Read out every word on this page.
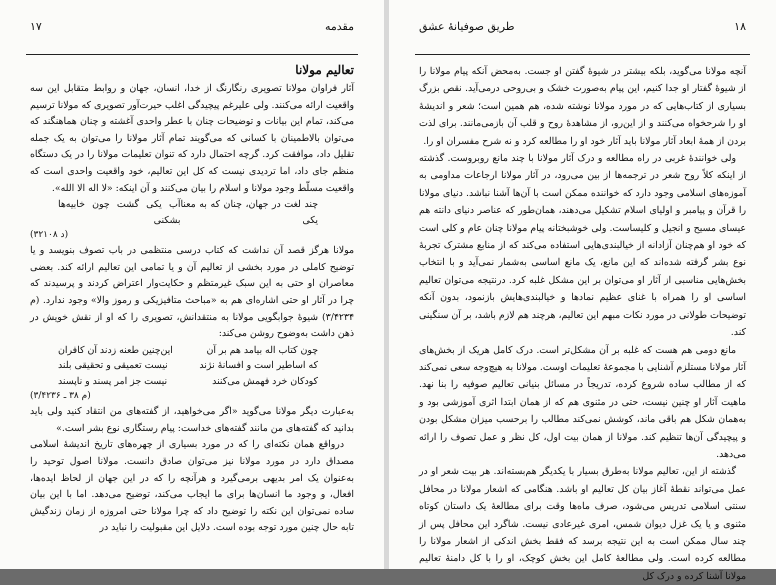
۱۷	مقدمه
تعالیم مولانا

آثار فراوان مولانا تصویری رنگارنگ از خدا، انسان، جهان و روابط متقابل این سه واقعیت ارائه می‌کنند. ولی علیرغم پیچیدگی اغلب حیرت‌آور تصویری که مولانا ترسیم می‌کند، تمام این بیانات و توضیحات چنان با عطر واحدی آغشته و چنان هماهنگند که می‌توان بالاطمینان با کسانی که می‌گویند تمام آثار مولانا را می‌توان به یک جمله تقلیل داد، موافقت کرد. گرچه احتمال دارد که تنوان تعلیمات مولانا را در یک دستگاه منظم جای داد، اما تردیدی نیست که کل این تعالیم، خود واقعیت واحدی است که واقعیت مسلّط وجود مولانا و اسلام را بیان می‌کنند و آن اینکه: «لا اله الا الله».

چند لغت در جهان، چنان که به معنا یکی
آب یکی گشت چون خابیه‌ها بشکنی
(د ۳۲۱۰۸)

مولانا هرگز قصد آن نداشت که کتاب درسی منتظمی در باب تصوف بنویسد و یا توضیح کاملی در مورد بخشی از تعالیم آن و یا تمامی این تعالیم ارائه کند. بعضی معاصران او حتی به این سبک غیرمتظم و حکایت‌وار اعتراض کردند و پرسیدند که چرا در آثار او حتی اشاره‌ای هم به «مباحث متافیزیکی و رموز والا» وجود ندارد. (م ۳/۴۲۳۴) شیوهٔ جوابگویی مولانا به منتقدانش، تصویری را که او از نقش خویش در ذهن داشت به‌وضوح روشن می‌کند:

چون کتاب اله بیامد هم بر آن
این‌چنین طعنه زدند آن کافران
که اساطیر است و افسانهٔ نژند
نیست تعمیقی و تحقیقی بلند
کودکان خرد فهمش می‌کنند
نیست جز امر پسند و ناپسند
(م ۳۸ ـ ۳/۴۲۳۶)

به‌عبارت دیگر مولانا می‌گوید «اگر می‌خواهید، از گفته‌های من انتقاد کنید ولی باید بدانید که گفته‌های من مانند گفته‌های خداست: پیام رستگاری نوع بشر است.»

درواقع همان نکته‌ای را که در مورد بسیاری از چهره‌های تاریخ اندیشهٔ اسلامی مصداق دارد در مورد مولانا نیز می‌توان صادق دانست. مولانا اصول توحید را به‌عنوان یک امر بدیهی برمی‌گیرد و هرآنچه را که در این جهان از لحاظ ایده‌ها، افعال، و وجود ما انسان‌ها برای ما ایجاب می‌کند، توضیح می‌دهد. اما با این بیان ساده نمی‌توان این نکته را توضیح داد که چرا مولانا حتی امروزه از زمان زندگیش تابه حال چنین مورد توجه بوده است. دلایل این مقبولیت را نباید در

۱۸
طریق صوفیانهٔ عشق

آنچه مولانا می‌گوید، بلکه بیشتر در شیوهٔ گفتن او جست. به‌محض آنکه پیام مولانا را از شیوهٔ گفتار او جدا کنیم، این پیام به‌صورت خشک و بی‌روحی درمی‌آید. نقص بزرگ بسیاری از کتاب‌هایی که در مورد مولانا نوشته شده، هم همین است؛ شعر و اندیشهٔ او را شرحخواه می‌کنند و از این‌رو، از مشاهدهٔ روح و قلب آن بازمی‌مانند. برای لذت بردن از همهٔ ابعاد آثار مولانا باید آثار خود او را مطالعه کرد و نه شرح مفسران او را.

ولی خوانندهٔ غربی در راه مطالعه و درک آثار مولانا با چند مانع روبروست. گذشته از اینکه کلاً روح شعر در ترجمه‌ها از بین می‌رود، در آثار مولانا ارجاعات مداومی به آموزه‌های اسلامی وجود دارد که خواننده ممکن است با آن‌ها آشنا نباشد. دنیای مولانا را قرآن و پیامبر و اولیای اسلام تشکیل می‌دهند، همان‌طور که عناصر دنیای دانته هم عیسای مسیح و انجیل و کلیساست. ولی خوشبختانه پیام مولانا چنان عام و کلی است که خود او هم‌چنان آزادانه از خیالبندی‌هایی استفاده می‌کند که از منابع مشترک تجربهٔ نوع بشر گرفته شده‌اند که این مانع، یک مانع اساسی به‌شمار نمی‌آید و با انتخاب بخش‌هایی مناسبی از آثار او می‌توان بر این مشکل غلبه کرد. درنتیجه می‌توان تعالیم اساسی او را همراه با غنای عظیم نمادها و خیالبندی‌هایش بازنمود، بدون آنکه توضیحات طولانی در مورد نکات مبهم این تعالیم، هرچند هم لازم باشد، بر آن سنگینی کند.

مانع دومی هم هست که غلبه بر آن مشکل‌تر است. درک کامل هریک از بخش‌های آثار مولانا مستلزم آشنایی با مجموعهٔ تعلیمات اوست. مولانا به هیچ‌وجه سعی نمی‌کند که از مطالب ساده شروع کرده، تدریجاً در مسائل بنیانی تعالیم صوفیه را بنا نهد. ماهیت آثار او چنین نیست، حتی در مثنوی هم که از همان ابتدا اثری آموزشی بود و به‌همان شکل هم باقی ماند، کوشش نمی‌کند مطالب را برحسب میزان مشکل بودن و پیچیدگی آن‌ها تنظیم کند. مولانا از همان بیت اول، کل نظر و عمل تصوف را ارائه می‌دهد.

گذشته از این، تعالیم مولانا به‌طرق بسیار با یکدیگر هم‌بسته‌اند. هر بیت شعر او در عمل می‌تواند نقطهٔ آغاز بیان کل تعالیم او باشد. هنگامی که اشعار مولانا در محافل سنتی اسلامی تدریس می‌شود، صرف ماه‌ها وقت برای مطالعهٔ یک داستان کوتاه مثنوی و یا یک غزل دیوان شمس، امری غیرعادی نیست. شاگرد این محافل پس از چند سال ممکن است به این نتیجه برسد که فقط بخش اندکی از اشعار مولانا را مطالعه کرده است. ولی مطالعهٔ کامل این بخش کوچک، او را با کل دامنهٔ تعالیم مولانا آشنا کرده و درک کل
